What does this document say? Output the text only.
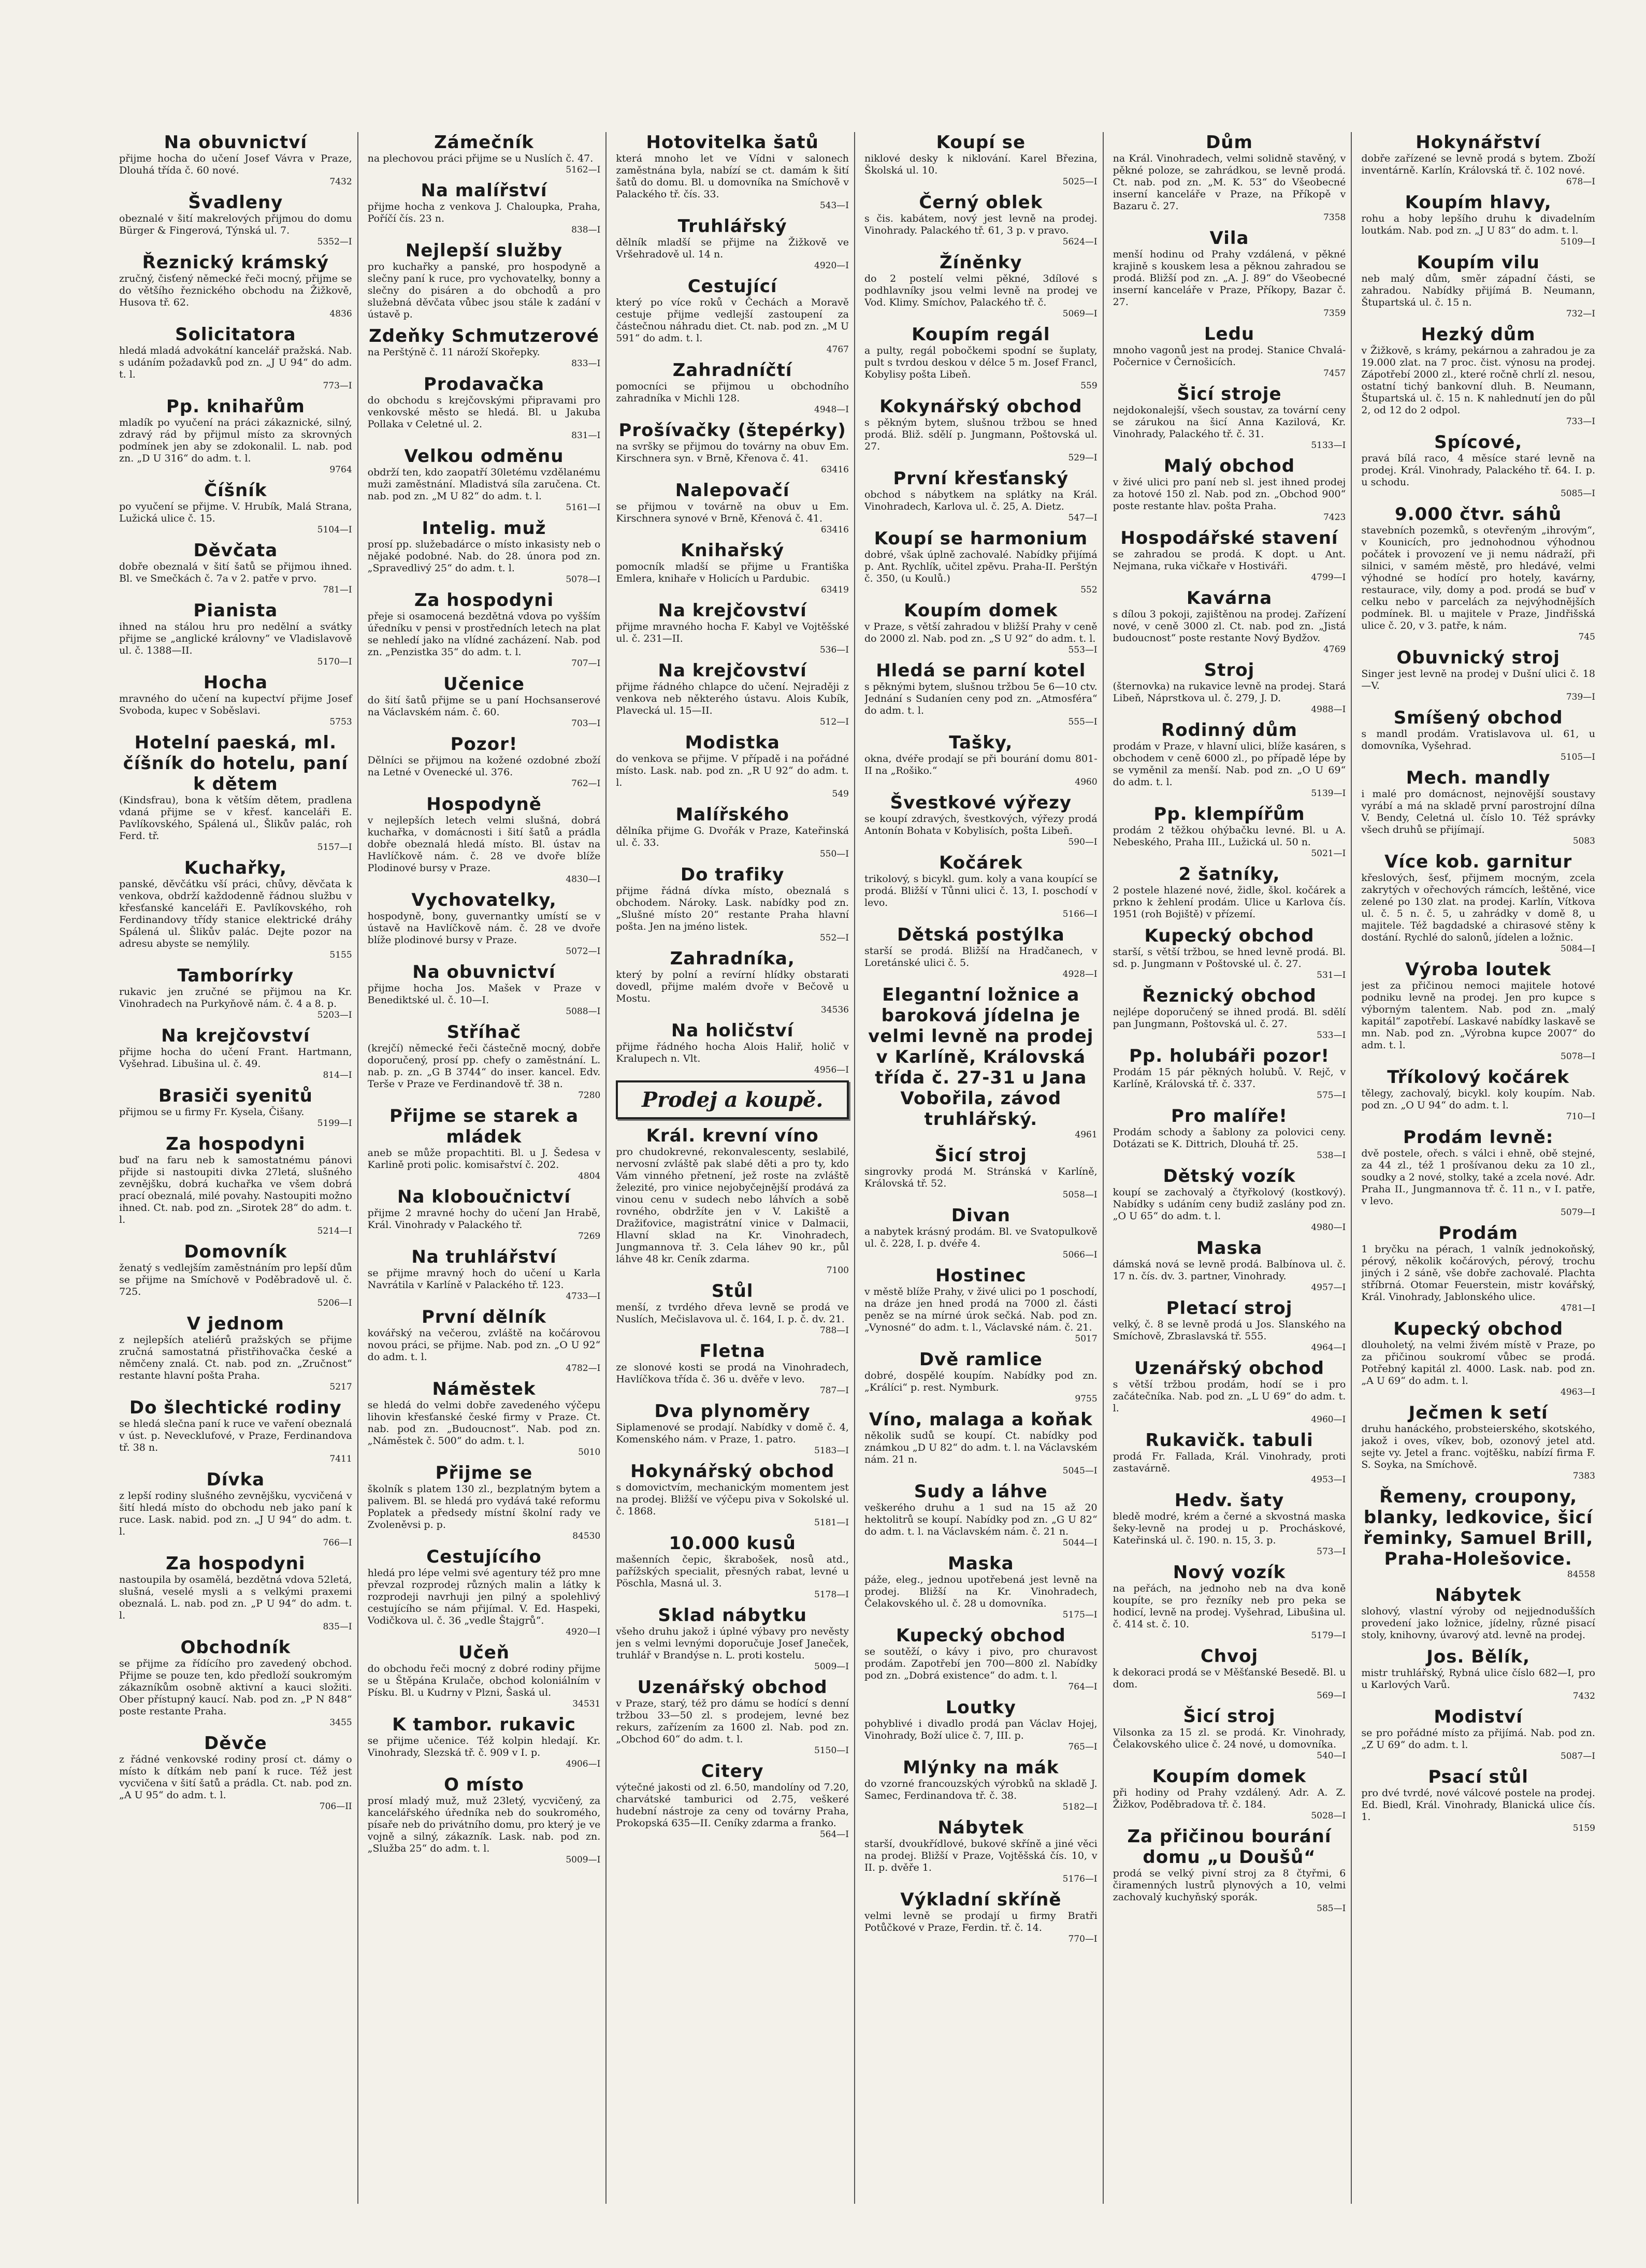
Na obuvnictví

přijme hocha do učení Josef Vávra v Praze, Dlouhá třída č. 60 nové.

7432

Švadleny

obeznalé v šití makrelových přijmou do domu Bürger & Fingerová, Týnská ul. 7.

5352—I

Řeznický krámský

zručný, čisťený německé řeči mocný, přijme se do většího řeznického obchodu na Žižkově, Husova tř. 62.

4836

Solicitatora

hledá mladá advokátní kancelář pražská. Nab. s udáním požadavků pod zn. „J U 94“ do adm. t. l.

773—I

Pp. knihařům

mladík po vyučení na práci zákaznické, silný, zdravý rád by přijmul místo za skrovných podmínek jen aby se zdokonalil. L. nab. pod zn. „D U 316“ do adm. t. l.

9764

Číšník

po vyučení se přijme. V. Hrubík, Malá Strana, Lužická ulice č. 15.

5104—I

Děvčata

dobře obeznalá v šití šatů se přijmou ihned. Bl. ve Smečkách č. 7a v 2. patře v prvo.

781—I

Pianista

ihned na stálou hru pro nedělní a svátky přijme se „anglické královny“ ve Vladislavově ul. č. 1388—II.

5170—I

Hocha

mravného do učení na kupectví přijme Josef Svoboda, kupec v Soběslavi.

5753

Hotelní paeská, ml. číšník do hotelu, paní k dětem

(Kindsfrau), bona k větším dětem, pradlena vdaná přijme se v křesť. kanceláři E. Pavlíkovského, Spálená ul., Šlikův palác, roh Ferd. tř.

5157—I

Kuchařky,

panské, děvčátku vší práci, chůvy, děvčata k venkova, obdrží každodenně řádnou službu v křesťanské kanceláři E. Pavlíkovského, roh Ferdinandovy třídy stanice elektrické dráhy Spálená ul. Šlikův palác. Dejte pozor na adresu abyste se nemýlily.

5155

Tamborírky

rukavic jen zručné se přijmou na Kr. Vinohradech na Purkyňově nám. č. 4 a 8. p.

5203—I

Na krejčovství

přijme hocha do učení Frant. Hartmann, Vyšehrad. Libušina ul. č. 49.

814—I

Brasiči syenitů

přijmou se u firmy Fr. Kysela, Čišany.

5199—I

Za hospodyni

buď na faru neb k samostatnému pánovi přijde si nastoupiti divka 27letá, slušného zevnějšku, dobrá kuchařka ve všem dobrá prací obeznalá, milé povahy. Nastoupiti možno ihned. Ct. nab. pod zn. „Sirotek 28“ do adm. t. l.

5214—I

Domovník

ženatý s vedlejším zaměstnáním pro lepší dům se přijme na Smíchově v Poděbradově ul. č. 725.

5206—I

V jednom

z nejlepších ateliérů pražských se přijme zručná samostatná přistřihovačka české a němčeny znalá. Ct. nab. pod zn. „Zručnost“ restante hlavní pošta Praha.

5217

Do šlechtické rodiny

se hledá slečna paní k ruce ve vaření obeznalá v úst. p. Nevecklufové, v Praze, Ferdinandova tř. 38 n.

7411

Dívka

z lepší rodiny slušného zevnějšku, vycvičená v šití hledá místo do obchodu neb jako paní k ruce. Lask. nabid. pod zn. „J U 94“ do adm. t. l.

766—I

Za hospodyni

nastoupila by osamělá, bezdětná vdova 52letá, slušná, veselé mysli a s velkými praxemi obeznalá. L. nab. pod zn. „P U 94“ do adm. t. l.

835—I

Obchodník

se přijme za řídícího pro zavedený obchod. Přijme se pouze ten, kdo předloží soukromým zákazníkům osobně aktivní a kauci složiti. Ober přístupný kaucí. Nab. pod zn. „P N 848“ poste restante Praha.

3455

Děvče

z řádné venkovské rodiny prosí ct. dámy o místo k dítkám neb paní k ruce. Též jest vycvičena v šití šatů a prádla. Ct. nab. pod zn. „A U 95“ do adm. t. l.

706—II

Zámečník

na plechovou práci přijme se u Nuslích č. 47.

5162—I

Na malířství

přijme hocha z venkova J. Chaloupka, Praha, Poříčí čís. 23 n.

838—I

Nejlepší služby

pro kuchařky a panské, pro hospodyně a slečny paní k ruce, pro vychovatelky, bonny a slečny do pisáren a do obchodů a pro služebná děvčata vůbec jsou stále k zadání v ústavě p.

Zdeňky Schmutzerové

na Perštýně č. 11 nároží Skořepky.

833—I

Prodavačka

do obchodu s krejčovskými připravami pro venkovské město se hledá. Bl. u Jakuba Pollaka v Celetné ul. 2.

831—I

Velkou odměnu

obdrží ten, kdo zaopatří 30letému vzdělanému muži zaměstnání. Mladistvá síla zaručena. Ct. nab. pod zn. „M U 82“ do adm. t. l.

5161—I

Intelig. muž

prosí pp. služebadárce o místo inkasisty neb o nějaké podobné. Nab. do 28. února pod zn. „Spravedlivý 25“ do adm. t. l.

5078—I

Za hospodyni

přeje si osamocená bezdětná vdova po vyšším úředníku v pensi v prostředních letech na plat se nehledí jako na vlídné zacházení. Nab. pod zn. „Penzistka 35“ do adm. t. l.

707—I

Učenice

do šití šatů přijme se u paní Hochsanserové na Václavském nám. č. 60.

703—I

Pozor!

Dělníci se přijmou na kožené ozdobné zboží na Letné v Ovenecké ul. 376.

762—I

Hospodyně

v nejlepších letech velmi slušná, dobrá kuchařka, v domácnosti i šití šatů a prádla dobře obeznalá hledá místo. Bl. ústav na Havlíčkově nám. č. 28 ve dvoře blíže Plodinové bursy v Praze.

4830—I

Vychovatelky,

hospodyně, bony, guvernantky umístí se v ústavě na Havlíčkově nám. č. 28 ve dvoře blíže plodinové bursy v Praze.

5072—I

Na obuvnictví

přijme hocha Jos. Mašek v Praze v Benediktské ul. č. 10—I.

5088—I

Stříhač

(krejčí) německé řeči částečně mocný, dobře doporučený, prosí pp. chefy o zaměstnání. L. nab. p. zn. „G B 3744“ do inser. kancel. Edv. Terše v Praze ve Ferdinandově tř. 38 n.

7280

Přijme se starek a mládek

aneb se může propachtiti. Bl. u J. Šedesa v Karlině proti polic. komisařství č. 202.

4804

Na kloboučnictví

přijme 2 mravné hochy do učení Jan Hrabě, Král. Vinohrady v Palackého tř.

7269

Na truhlářství

se přijme mravný hoch do učení u Karla Navrátila v Karlíně v Palackého tř. 123.

4733—I

První dělník

kovářský na večerou, zvláště na kočárovou novou práci, se přijme. Nab. pod zn. „O U 92“ do adm. t. l.

4782—I

Náměstek

se hledá do velmi dobře zavedeného výčepu lihovin křesťanské české firmy v Praze. Ct. nab. pod zn. „Budoucnost“. Nab. pod zn. „Náměstek č. 500“ do adm. t. l.

5010

Přijme se

školník s platem 130 zl., bezplatným bytem a palivem. Bl. se hledá pro vydává také reformu Poplatek a předsedy místní školní rady ve Zvoleněvsi p. p.

84530

Cestujícího

hledá pro lépe velmi své agentury též pro mne převzal rozprodej různých malin a látky k rozprodeji navrhuji jen pilný a spolehlivý cestujícího se nám přijímal. V. Ed. Haspeki, Vodičkova ul. č. 36 „vedle Štajgrů“.

4920—I

Učeň

do obchodu řeči mocný z dobré rodiny přijme se u Štěpána Krulače, obchod koloniálním v Písku. Bl. u Kudrny v Plzni, Šaská ul.

34531

K tambor. rukavic

se přijme učenice. Též kolpin hledají. Kr. Vinohrady, Slezská tř. č. 909 v I. p.

4906—I

O místo

prosí mladý muž, muž 23letý, vycvičený, za kancelářského úředníka neb do soukromého, písaře neb do privátního domu, pro který je ve vojně a silný, zákazník. Lask. nab. pod zn. „Služba 25“ do adm. t. l.

5009—I

Hotovitelka šatů

která mnoho let ve Vídni v salonech zaměstnána byla, nabízí se ct. damám k šití šatů do domu. Bl. u domovníka na Smíchově v Palackého tř. čís. 33.

543—I

Truhlářský

dělník mladší se přijme na Žižkově ve Vršehradově ul. 14 n.

4920—I

Cestující

který po více roků v Čechách a Moravě cestuje přijme vedlejší zastoupení za částečnou náhradu diet. Ct. nab. pod zn. „M U 591“ do adm. t. l.

4767

Zahradníčtí

pomocníci se přijmou u obchodního zahradníka v Michli 128.

4948—I

Prošívačky (štepérky)

na svršky se přijmou do továrny na obuv Em. Kirschnera syn. v Brně, Křenova č. 41.

63416

Nalepovačí

se přijmou v továrně na obuv u Em. Kirschnera synové v Brně, Křenová č. 41.

63416

Knihařský

pomocník mladší se přijme u Františka Emlera, knihaře v Holicích u Pardubic.

63419

Na krejčovství

přijme mravného hocha F. Kabyl ve Vojtěšské ul. č. 231—II.

536—I

Na krejčovství

přijme řádného chlapce do učení. Nejraději z venkova neb některého ústavu. Alois Kubík, Plavecká ul. 15—II.

512—I

Modistka

do venkova se přijme. V případě i na pořádné místo. Lask. nab. pod zn. „R U 92“ do adm. t. l.

549

Malířského

dělníka přijme G. Dvořák v Praze, Kateřinská ul. č. 33.

550—I

Do trafiky

přijme řádná dívka místo, obeznalá s obchodem. Nároky. Lask. nabídky pod zn. „Slušné místo 20“ restante Praha hlavní pošta. Jen na jméno listek.

552—I

Zahradníka,

který by polní a revírní hlídky obstarati dovedl, přijme malém dvoře v Bečově u Mostu.

34536

Na holičství

přijme řádného hocha Alois Haliř, holič v Kralupech n. Vlt.

4956—I

Prodej a koupě.

Král. krevní víno

pro chudokrevné, rekonvalescenty, seslabilé, nervosní zvláště pak slabé děti a pro ty, kdo Vám vinného přetnení, jež roste na zvláště železité, pro vinice nejobyčejnější prodává za vinou cenu v sudech nebo láhvích a sobě rovného, obdržíte jen v V. Lakiště a Dražiťovice, magistrátní vinice v Dalmacii, Hlavní sklad na Kr. Vinohradech, Jungmannova tř. 3. Cela láhev 90 kr., půl láhve 48 kr. Ceník zdarma.

7100

Stůl

menší, z tvrdého dřeva levně se prodá ve Nuslích, Mečislavova ul. č. 164, I. p. č. dv. 21.

788—I

Fletna

ze slonové kosti se prodá na Vinohradech, Havlíčkova třída č. 36 u. dvěře v levo.

787—I

Dva plynoměry

Siplamenové se prodají. Nabídky v domě č. 4, Komenského nám. v Praze, 1. patro.

5183—I

Hokynářský obchod

s domovictvím, mechanickým momentem jest na prodej. Bližší ve výčepu piva v Sokolské ul. č. 1868.

5181—I

10.000 kusů

mašenních čepic, škrabošek, nosů atd., pařížských specialit, přesných rabat, levné u Pöschla, Masná ul. 3.

5178—I

Sklad nábytku

všeho druhu jakož i úplné výbavy pro nevěsty jen s velmi levnými doporučuje Josef Janeček, truhlář v Brandýse n. L. proti kostelu.

5009—I

Uzenářský obchod

v Praze, starý, též pro dámu se hodící s denní tržbou 33—50 zl. s prodejem, levné bez rekurs, zařízením za 1600 zl. Nab. pod zn. „Obchod 60“ do adm. t. l.

5150—I

Citery

výtečné jakosti od zl. 6.50, mandolíny od 7.20, charvátské tamburici od 2.75, veškeré hudební nástroje za ceny od továrny Praha, Prokopská 635—II. Ceníky zdarma a franko.

564—I

Koupí se

niklové desky k niklování. Karel Březina, Školská ul. 10.

5025—I

Černý oblek

s čis. kabátem, nový jest levně na prodej. Vinohrady. Palackého tř. 61, 3 p. v pravo.

5624—I

Žíněnky

do 2 postelí velmi pěkné, 3dílové s podhlavníky jsou velmi levně na prodej ve Vod. Klimy. Smíchov, Palackého tř. č.

5069—I

Koupím regál

a pulty, regál pobočkemi spodní se šuplaty, pult s tvrdou deskou v délce 5 m. Josef Francl, Kobylisy pošta Libeň.

559

Kokynářský obchod

s pěkným bytem, slušnou tržbou se hned prodá. Bliž. sdělí p. Jungmann, Poštovská ul. 27.

529—I

První křesťanský

obchod s nábytkem na splátky na Král. Vinohradech, Karlova ul. č. 25, A. Dietz.

547—I

Koupí se harmonium

dobré, však úplně zachovalé. Nabídky přijímá p. Ant. Rychlík, učitel zpěvu. Praha-II. Perštýn č. 350, (u Koulů.)

552

Koupím domek

v Praze, s větší zahradou v bližší Prahy v ceně do 2000 zl. Nab. pod zn. „S U 92“ do adm. t. l.

553—I

Hledá se parní kotel

s pěknými bytem, slušnou tržbou 5e 6—10 ctv. Jednání s Sudaníen ceny pod zn. „Atmosféra“ do adm. t. l.

555—I

Tašky,

okna, dvéře prodají se při bourání domu 801-II na „Rošiko.“

4960

Švestkové výřezy

se koupí zdravých, švestkových, výřezy prodá Antonín Bohata v Kobylisích, pošta Libeň.

590—I

Kočárek

trikolový, s bicykl. gum. koly a vana koupící se prodá. Bližší v Tůnni ulici č. 13, I. poschodí v levo.

5166—I

Dětská postýlka

starší se prodá. Bližší na Hradčanech, v Loretánské ulici č. 5.

4928—I

Elegantní ložnice a baroková jídelna je velmi levně na prodej v Karlíně, Královská třída č. 27-31 u Jana Vobořila, závod truhlářský.

4961

Šicí stroj

singrovky prodá M. Stránská v Karlíně, Královská tř. 52.

5058—I

Divan

a nabytek krásný prodám. Bl. ve Svatopulkově ul. č. 228, I. p. dvéře 4.

5066—I

Hostinec

v městě blíže Prahy, v živé ulici po 1 poschodí, na dráze jen hned prodá na 7000 zl. části peněz se na mírné úrok sečká. Nab. pod zn. „Vynosné“ do adm. t. l., Václavské nám. č. 21.

5017

Dvě ramlice

dobré, dospělé koupím. Nabídky pod zn. „Králíci“ p. rest. Nymburk.

9755

Víno, malaga a koňak

několik sudů se koupí. Ct. nabídky pod známkou „D U 82“ do adm. t. l. na Václavském nám. 21 n.

5045—I

Sudy a láhve

veškerého druhu a 1 sud na 15 až 20 hektolitrů se koupí. Nabídky pod zn. „G U 82“ do adm. t. l. na Václavském nám. č. 21 n.

5044—I

Maska

páže, eleg., jednou upotřebená jest levně na prodej. Bližší na Kr. Vinohradech, Čelakovského ul. č. 28 u domovníka.

5175—I

Kupecký obchod

se soutěží, o kávy i pivo, pro churavost prodám. Zapotřebí jen 700—800 zl. Nabídky pod zn. „Dobrá existence“ do adm. t. l.

764—I

Loutky

pohyblivé i divadlo prodá pan Václav Hojej, Vinohrady, Boží ulice č. 7, III. p.

765—I

Mlýnky na mák

do vzorné francouzských výrobků na skladě J. Samec, Ferdinandova tř. č. 38.

5182—I

Nábytek

starší, dvoukřídlové, bukové skříně a jiné věci na prodej. Bližší v Praze, Vojtěšská čís. 10, v II. p. dvěře 1.

5176—I

Výkladní skříně

velmi levně se prodají u firmy Bratři Potůčkové v Praze, Ferdin. tř. č. 14.

770—I

Dům

na Král. Vinohradech, velmi solidně stavěný, v pěkné poloze, se zahrádkou, se levně prodá. Ct. nab. pod zn. „M. K. 53“ do Všeobecné inserní kanceláře v Praze, na Příkopě v Bazaru č. 27.

7358

Vila

menší hodinu od Prahy vzdálená, v pěkné krajině s kouskem lesa a pěknou zahradou se prodá. Bližší pod zn. „A. J. 89“ do Všeobecné inserní kanceláře v Praze, Příkopy, Bazar č. 27.

7359

Ledu

mnoho vagonů jest na prodej. Stanice Chvalá-Počernice v Černošicích.

7457

Šicí stroje

nejdokonalejší, všech soustav, za tovární ceny se zárukou na šicí Anna Kazilová, Kr. Vinohrady, Palackého tř. č. 31.

5133—I

Malý obchod

v živé ulici pro paní neb sl. jest ihned prodej za hotové 150 zl. Nab. pod zn. „Obchod 900“ poste restante hlav. pošta Praha.

7423

Hospodářské stavení

se zahradou se prodá. K dopt. u Ant. Nejmana, ruka vičkaře v Hostiváři.

4799—I

Kavárna

s dílou 3 pokoji, zajištěnou na prodej. Zařízení nové, v ceně 3000 zl. Ct. nab. pod zn. „Jistá budoucnost“ poste restante Nový Bydžov.

4769

Stroj

(šternovka) na rukavice levně na prodej. Stará Libeň, Náprstkova ul. č. 279, J. D.

4988—I

Rodinný dům

prodám v Praze, v hlavní ulici, blíže kasáren, s obchodem v ceně 6000 zl., po případě lépe by se vyměnil za menší. Nab. pod zn. „O U 69“ do adm. t. l.

5139—I

Pp. klempířům

prodám 2 těžkou ohýbačku levné. Bl. u A. Nebeského, Praha III., Lužická ul. 50 n.

5021—I

2 šatníky,

2 postele hlazené nové, židle, škol. kočárek a prkno k žehlení prodám. Ulice u Karlova čís. 1951 (roh Bojiště) v přízemí.

Kupecký obchod

starší, s větší tržbou, se hned levně prodá. Bl. sd. p. Jungmann v Poštovské ul. č. 27.

531—I

Řeznický obchod

nejlépe doporučený se ihned prodá. Bl. sdělí pan Jungmann, Poštovská ul. č. 27.

533—I

Pp. holubáři pozor!

Prodám 15 pár pěkných holubů. V. Rejč, v Karlíně, Královská tř. č. 337.

575—I

Pro malíře!

Prodám schody a šablony za polovici ceny. Dotázati se K. Dittrich, Dlouhá tř. 25.

538—I

Dětský vozík

koupí se zachovalý a čtyřkolový (kostkový). Nabídky s udáním ceny budiž zaslány pod zn. „O U 65“ do adm. t. l.

4980—I

Maska

dámská nová se levně prodá. Balbínova ul. č. 17 n. čís. dv. 3. partner, Vinohrady.

4957—I

Pletací stroj

velký, č. 8 se levně prodá u Jos. Slanského na Smíchově, Zbraslavská tř. 555.

4964—I

Uzenářský obchod

s větší tržbou prodám, hodí se i pro začátečníka. Nab. pod zn. „L U 69“ do adm. t. l.

4960—I

Rukavičk. tabuli

prodá Fr. Fallada, Král. Vinohrady, proti zastavárně.

4953—I

Hedv. šaty

bledě modré, krém a černé a skvostná maska šeky-levně na prodej u p. Procháskové, Kateřinská ul. č. 190. n. 15, 3. p.

573—I

Nový vozík

na peřách, na jednoho neb na dva koně koupíte, se pro řezníky neb pro peka se hodicí, levně na prodej. Vyšehrad, Libušina ul. č. 414 st. č. 10.

5179—I

Chvoj

k dekoraci prodá se v Měšťanské Besedě. Bl. u dom.

569—I

Šicí stroj

Vilsonka za 15 zl. se prodá. Kr. Vinohrady, Čelakovského ulice č. 24 nové, u domovníka.

540—I

Koupím domek

při hodiny od Prahy vzdálený. Adr. A. Z. Žižkov, Poděbradova tř. č. 184.

5028—I

Za přičinou bourání domu „u Doušů“

prodá se velký pivní stroj za 8 čtyřmi, 6 čiramenných lustrů plynových a 10, velmi zachovalý kuchyňský sporák.

585—I

Hokynářství

dobře zařízené se levně prodá s bytem. Zboží inventárně. Karlín, Královská tř. č. 102 nové.

678—I

Koupím hlavy,

rohu a hoby lepšího druhu k divadelním loutkám. Nab. pod zn. „J U 83“ do adm. t. l.

5109—I

Koupím vilu

neb malý dům, směr západní části, se zahradou. Nabídky přijímá B. Neumann, Štupartská ul. č. 15 n.

732—I

Hezký dům

v Žižkově, s krámy, pekárnou a zahradou je za 19.000 zlat. na 7 proc. čist. výnosu na prodej. Zápotřebí 2000 zl., které ročně chrlí zl. nesou, ostatní tichý bankovní dluh. B. Neumann, Štupartská ul. č. 15 n. K nahlednutí jen do půl 2, od 12 do 2 odpol.

733—I

Spícové,

pravá bílá raco, 4 měsíce staré levně na prodej. Král. Vinohrady, Palackého tř. 64. I. p. u schodu.

5085—I

9.000 čtvr. sáhů

stavebních pozemků, s otevřeným „ihrovým“, v Kounicích, pro jednohodnou výhodnou počátek i provození ve ji nemu nádraží, při silnici, v samém městě, pro hledávé, velmi výhodné se hodící pro hotely, kavárny, restaurace, vily, domy a pod. prodá se buď v celku nebo v parcelách za nejvýhodnějších podmínek. Bl. u majitele v Praze, Jindřišská ulice č. 20, v 3. patře, k nám.

745

Obuvnický stroj

Singer jest levně na prodej v Dušní ulici č. 18—V.

739—I

Smíšený obchod

s mandl prodám. Vratislavova ul. 61, u domovníka, Vyšehrad.

5105—I

Mech. mandly

i malé pro domácnost, nejnovější soustavy vyrábí a má na skladě první parostrojní dílna V. Bendy, Celetná ul. číslo 10. Též správky všech druhů se přijímají.

5083

Více kob. garnitur

křeslových, šesť, přijmem mocným, zcela zakrytých v ořechových rámcích, leštěné, vice zelené po 130 zlat. na prodej. Karlín, Vítkova ul. č. 5 n. č. 5, u zahrádky v domě 8, u majitele. Též bagdadské a chirasové stěny k dostání. Rychlé do salonů, jídelen a ložnic.

5084—I

Výroba loutek

jest za přičinou nemoci majitele hotové podniku levně na prodej. Jen pro kupce s výborným talentem. Nab. pod zn. „malý kapitál“ zapotřebí. Laskavé nabídky laskavě se mn. Nab. pod zn. „Výrobna kupce 2007“ do adm. t. l.

5078—I

Tříkolový kočárek

tělegy, zachovalý, bicykl. koly koupím. Nab. pod zn. „O U 94“ do adm. t. l.

710—I

Prodám levně:

dvě postele, ořech. s válci i ehně, obě stejné, za 44 zl., též 1 prošívanou deku za 10 zl., soudky a 2 nové, stolky, také a zcela nové. Adr. Praha II., Jungmannova tř. č. 11 n., v I. patře, v levo.

5079—I

Prodám

1 bryčku na pérach, 1 valník jednokoňský, pérový, několik kočárových, pérový, trochu jiných i 2 sáně, vše dobře zachovalé. Plachta stříbrná. Otomar Feuerstein, mistr kovářský, Král. Vinohrady, Jablonského ulice.

4781—I

Kupecký obchod

dlouholetý, na velmi živém místě v Praze, po za přičinou soukromí vůbec se prodá. Potřebný kapitál zl. 4000. Lask. nab. pod zn. „A U 69“ do adm. t. l.

4963—I

Ječmen k setí

druhu hanáckého, probsteierského, skotského, jakož i oves, víkev, bob, ozonový jetel atd. sejte vy. Jetel a franc. vojtěšku, nabízí firma F. S. Soyka, na Smíchově.

7383

Řemeny, croupony, blanky, ledkovice, šicí řeminky, Samuel Brill, Praha-Holešovice.

84558

Nábytek

slohový, vlastní výroby od nejjednodušších provedení jako ložnice, jídelny, různé pisací stoly, knihovny, úvarový atd. levně na prodej.

Jos. Bělík,

mistr truhlářský, Rybná ulice číslo 682—I, pro u Karlových Varů.

7432

Modiství

se pro pořádné místo za přijímá. Nab. pod zn. „Z U 69“ do adm. t. l.

5087—I

Psací stůl

pro dvé tvrdé, nové válcové postele na prodej. Ed. Biedl, Král. Vinohrady, Blanická ulice čís. 1.

5159
